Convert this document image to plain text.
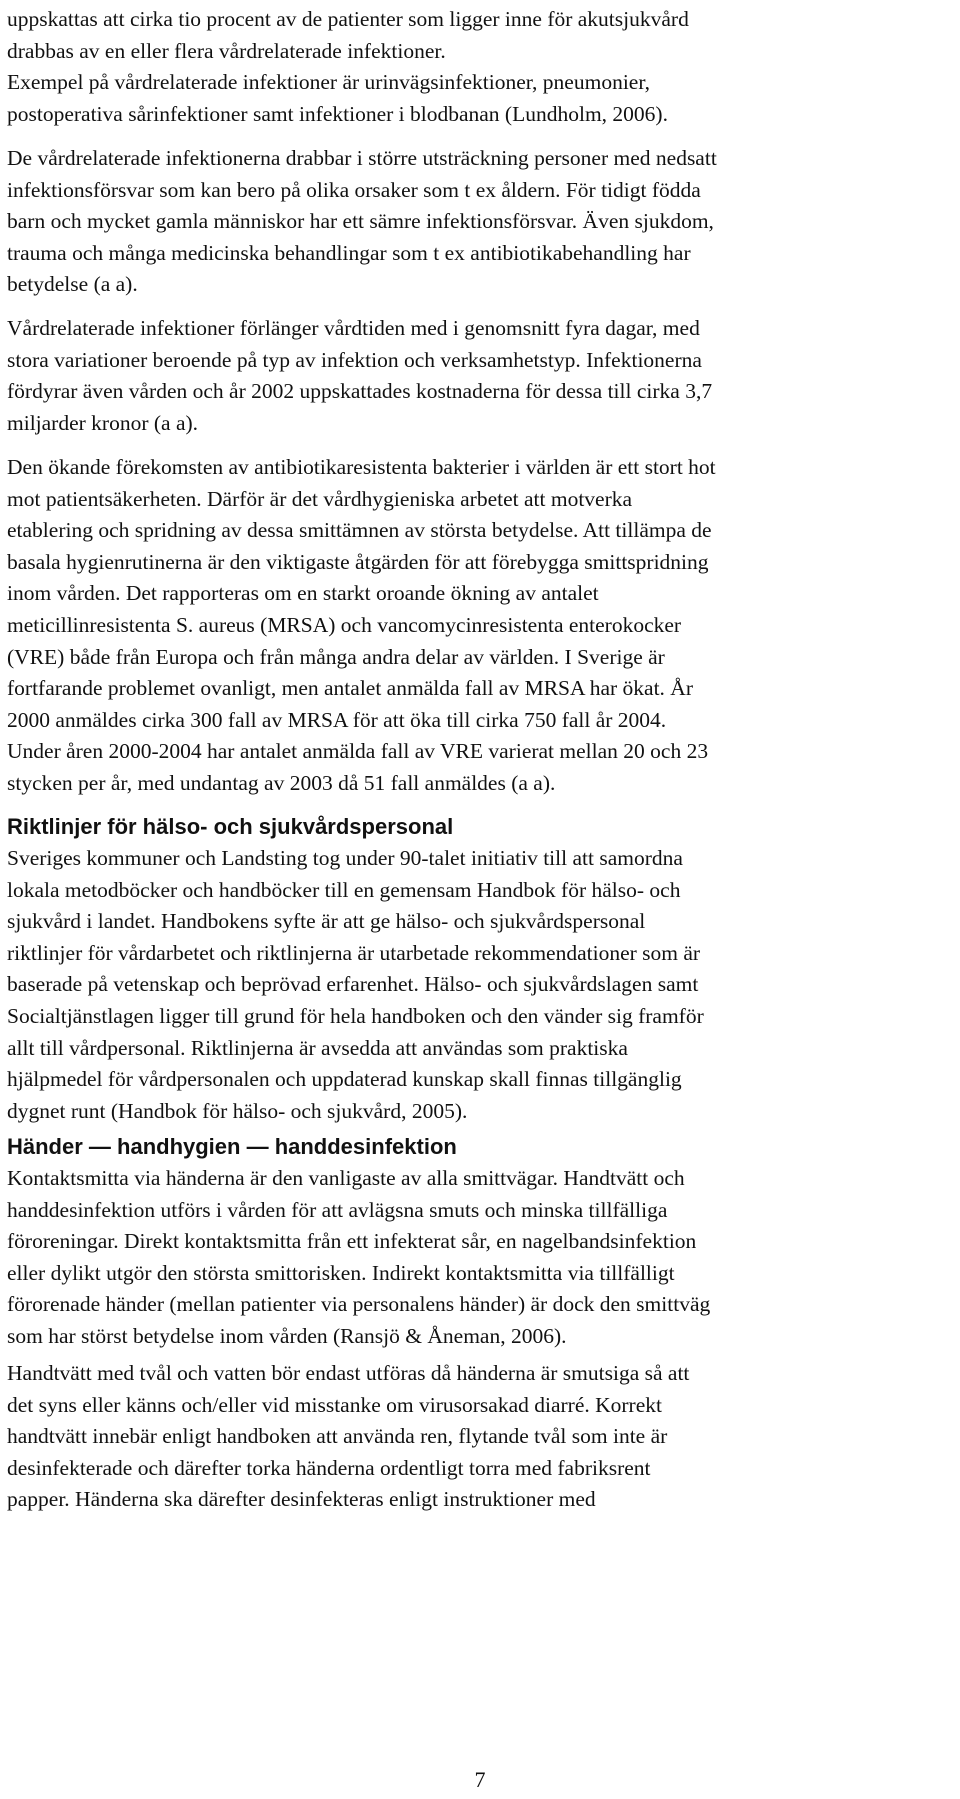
uppskattas att cirka tio procent av de patienter som ligger inne för akutsjukvård
drabbas av en eller flera vårdrelaterade infektioner.
Exempel på vårdrelaterade infektioner är urinvägsinfektioner, pneumonier,
postoperativa sårinfektioner samt infektioner i blodbanan (Lundholm, 2006).

De vårdrelaterade infektionerna drabbar i större utsträckning personer med nedsatt
infektionsförsvar som kan bero på olika orsaker som t ex åldern. För tidigt födda
barn och mycket gamla människor har ett sämre infektionsförsvar. Även sjukdom,
trauma och många medicinska behandlingar som t ex antibiotikabehandling har
betydelse (a a).

Vårdrelaterade infektioner förlänger vårdtiden med i genomsnitt fyra dagar, med
stora variationer beroende på typ av infektion och verksamhetstyp. Infektionerna
fördyrar även vården och år 2002 uppskattades kostnaderna för dessa till cirka 3,7
miljarder kronor (a a).

Den ökande förekomsten av antibiotikaresistenta bakterier i världen är ett stort hot
mot patientsäkerheten. Därför är det vårdhygieniska arbetet att motverka
etablering och spridning av dessa smittämnen av största betydelse. Att tillämpa de
basala hygienrutinerna är den viktigaste åtgärden för att förebygga smittspridning
inom vården. Det rapporteras om en starkt oroande ökning av antalet
meticillinresistenta S. aureus (MRSA) och vancomycinresistenta enterokocker
(VRE) både från Europa och från många andra delar av världen. I Sverige är
fortfarande problemet ovanligt, men antalet anmälda fall av MRSA har ökat. År
2000 anmäldes cirka 300 fall av MRSA för att öka till cirka 750 fall år 2004.
Under åren 2000-2004 har antalet anmälda fall av VRE varierat mellan 20 och 23
stycken per år, med undantag av 2003 då 51 fall anmäldes (a a).

Riktlinjer för hälso- och sjukvårdspersonal

Sveriges kommuner och Landsting tog under 90-talet initiativ till att samordna
lokala metodböcker och handböcker till en gemensam Handbok för hälso- och
sjukvård i landet. Handbokens syfte är att ge hälso- och sjukvårdspersonal
riktlinjer för vårdarbetet och riktlinjerna är utarbetade rekommendationer som är
baserade på vetenskap och beprövad erfarenhet. Hälso- och sjukvårdslagen samt
Socialtjänstlagen ligger till grund för hela handboken och den vänder sig framför
allt till vårdpersonal. Riktlinjerna är avsedda att användas som praktiska
hjälpmedel för vårdpersonalen och uppdaterad kunskap skall finnas tillgänglig
dygnet runt (Handbok för hälso- och sjukvård, 2005).

Händer — handhygien — handdesinfektion

Kontaktsmitta via händerna är den vanligaste av alla smittvägar. Handtvätt och
handdesinfektion utförs i vården för att avlägsna smuts och minska tillfälliga
föroreningar. Direkt kontaktsmitta från ett infekterat sår, en nagelbandsinfektion
eller dylikt utgör den största smittorisken. Indirekt kontaktsmitta via tillfälligt
förorenade händer (mellan patienter via personalens händer) är dock den smittväg
som har störst betydelse inom vården (Ransjö & Åneman, 2006).

Handtvätt med tvål och vatten bör endast utföras då händerna är smutsiga så att
det syns eller känns och/eller vid misstanke om virusorsakad diarré. Korrekt
handtvätt innebär enligt handboken att använda ren, flytande tvål som inte är
desinfekterade och därefter torka händerna ordentligt torra med fabriksrent
papper. Händerna ska därefter desinfekteras enligt instruktioner med

7
